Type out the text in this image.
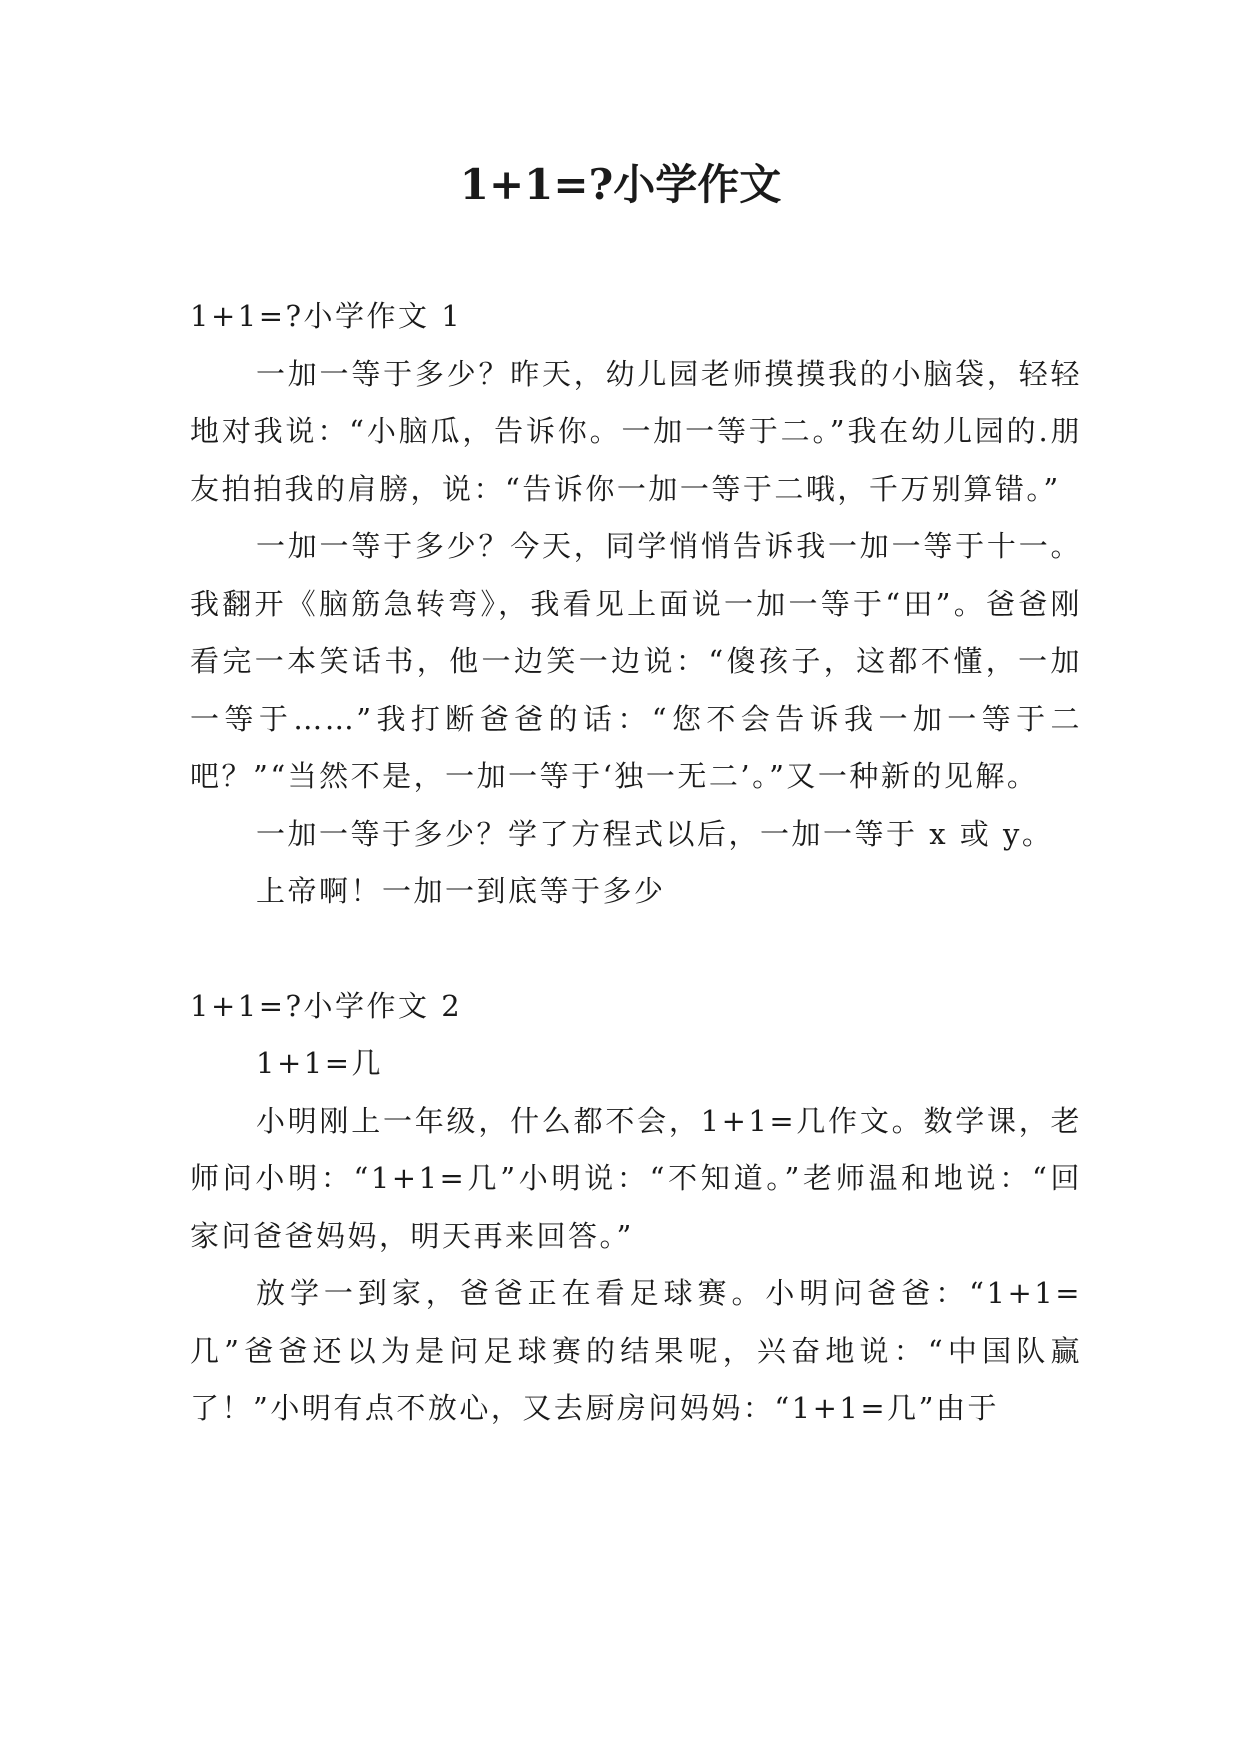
1+1=?小学作文

1+1=?小学作文 1

一加一等于多少？昨天，幼儿园老师摸摸我的小脑袋，轻轻地对我说：“小脑瓜，告诉你。一加一等于二。”我在幼儿园的.朋友拍拍我的肩膀，说：“告诉你一加一等于二哦，千万别算错。”

一加一等于多少？今天，同学悄悄告诉我一加一等于十一。我翻开《脑筋急转弯》，我看见上面说一加一等于“田”。爸爸刚看完一本笑话书，他一边笑一边说：“傻孩子，这都不懂，一加一等于……”我打断爸爸的话：“您不会告诉我一加一等于二吧？”“当然不是，一加一等于‘独一无二’。”又一种新的见解。

一加一等于多少？学了方程式以后，一加一等于 x 或 y。

上帝啊！一加一到底等于多少

1+1=?小学作文 2

1+1=几

小明刚上一年级，什么都不会，1+1=几作文。数学课，老师问小明：“1+1=几”小明说：“不知道。”老师温和地说：“回家问爸爸妈妈，明天再来回答。”

放学一到家，爸爸正在看足球赛。小明问爸爸：“1+1=几”爸爸还以为是问足球赛的结果呢，兴奋地说：“中国队赢了！”小明有点不放心，又去厨房问妈妈：“1+1=几”由于
